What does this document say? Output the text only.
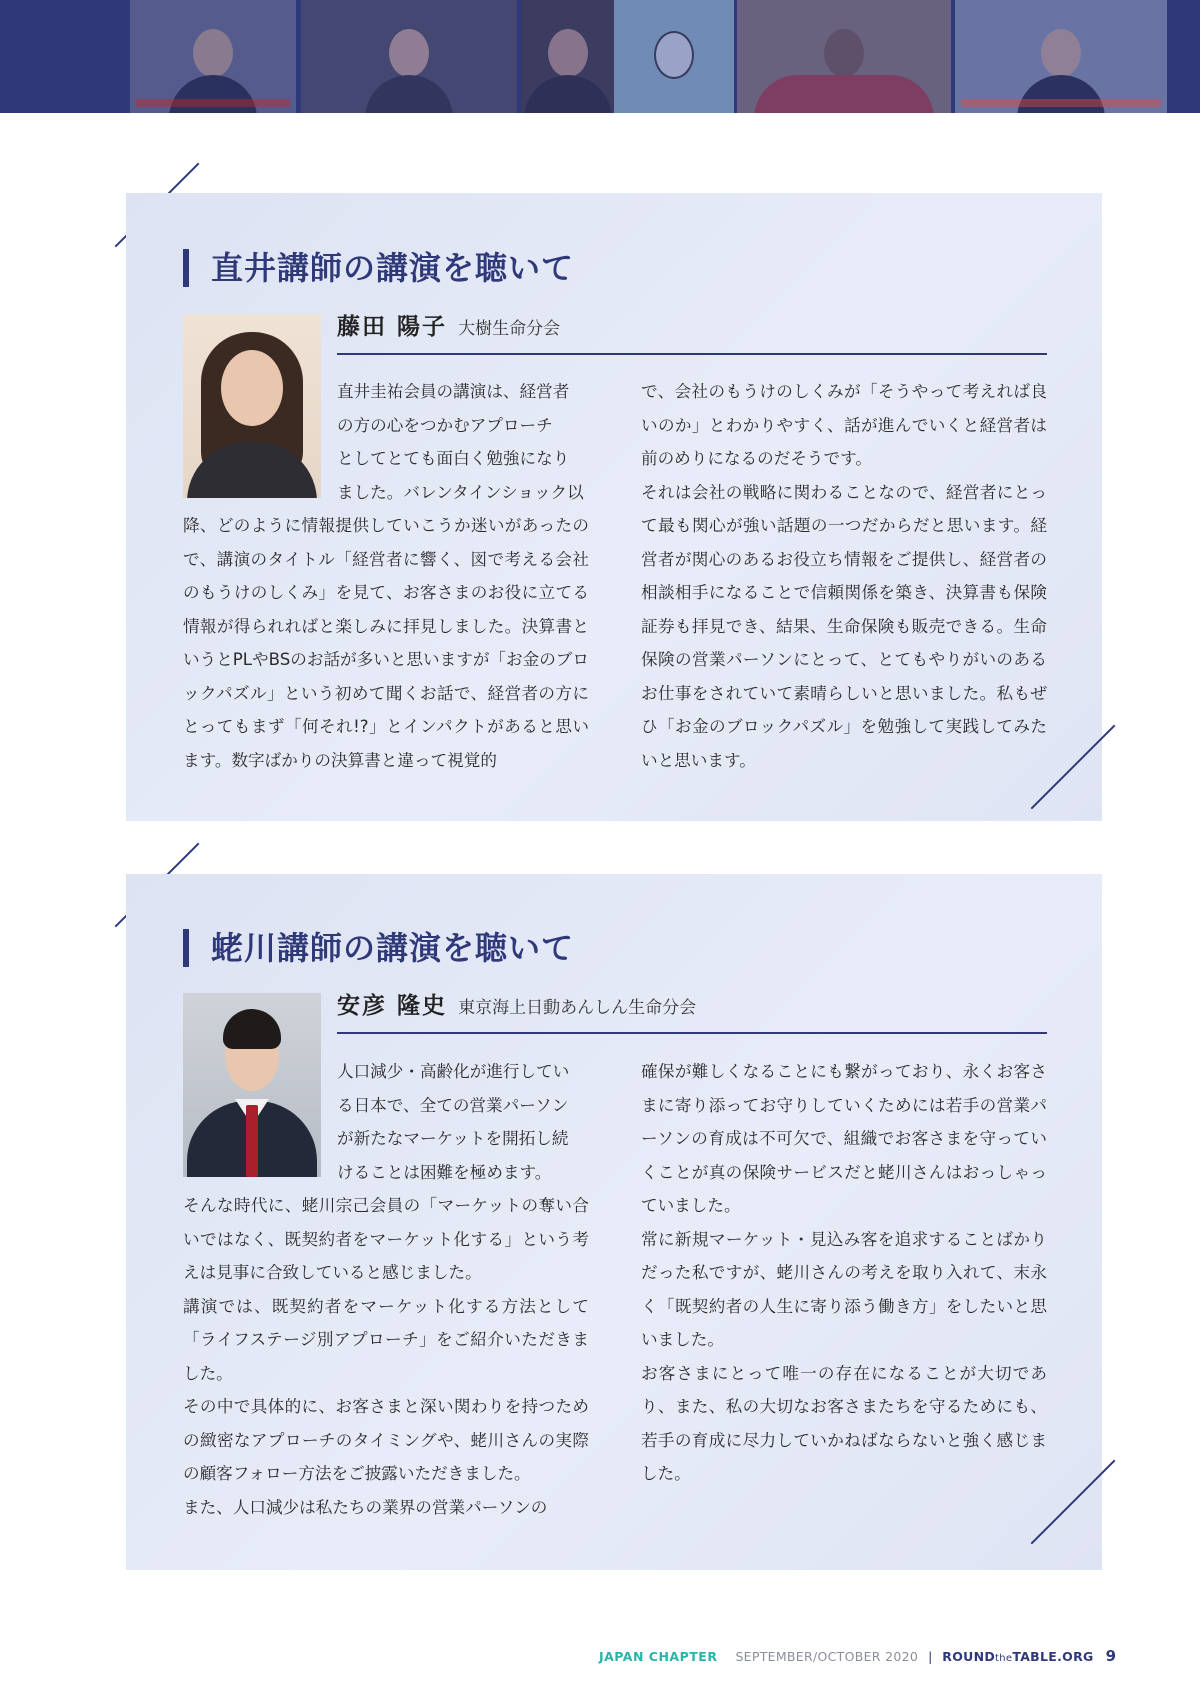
直井講師の講演を聴いて
藤田 陽子 大樹生命分会
直井圭祐会員の講演は、経営者
の方の心をつかむアプローチ
としてとても面白く勉強になり
ました。バレンタインショック以

降、どのように情報提供していこうか迷いがあったので、講演のタイトル「経営者に響く、図で考える会社のもうけのしくみ」を見て、お客さまのお役に立てる情報が得られればと楽しみに拝見しました。決算書というとPLやBSのお話が多いと思いますが「お金のブロックパズル」という初めて聞くお話で、経営者の方にとってもまず「何それ!?」とインパクトがあると思います。数字ばかりの決算書と違って視覚的

で、会社のもうけのしくみが「そうやって考えれば良いのか」とわかりやすく、話が進んでいくと経営者は前のめりになるのだそうです。

それは会社の戦略に関わることなので、経営者にとって最も関心が強い話題の一つだからだと思います。経営者が関心のあるお役立ち情報をご提供し、経営者の相談相手になることで信頼関係を築き、決算書も保険証券も拝見でき、結果、生命保険も販売できる。生命保険の営業パーソンにとって、とてもやりがいのあるお仕事をされていて素晴らしいと思いました。私もぜひ「お金のブロックパズル」を勉強して実践してみたいと思います。

蛯川講師の講演を聴いて
安彦 隆史 東京海上日動あんしん生命分会
人口減少・高齢化が進行してい
る日本で、全ての営業パーソン
が新たなマーケットを開拓し続
けることは困難を極めます。

そんな時代に、蛯川宗己会員の「マーケットの奪い合いではなく、既契約者をマーケット化する」という考えは見事に合致していると感じました。

講演では、既契約者をマーケット化する方法として「ライフステージ別アプローチ」をご紹介いただきました。

その中で具体的に、お客さまと深い関わりを持つための緻密なアプローチのタイミングや、蛯川さんの実際の顧客フォロー方法をご披露いただきました。

また、人口減少は私たちの業界の営業パーソンの

確保が難しくなることにも繋がっており、永くお客さまに寄り添ってお守りしていくためには若手の営業パーソンの育成は不可欠で、組織でお客さまを守っていくことが真の保険サービスだと蛯川さんはおっしゃっていました。

常に新規マーケット・見込み客を追求することばかりだった私ですが、蛯川さんの考えを取り入れて、末永く「既契約者の人生に寄り添う働き方」をしたいと思いました。

お客さまにとって唯一の存在になることが大切であり、また、私の大切なお客さまたちを守るためにも、若手の育成に尽力していかねばならないと強く感じました。

JAPAN CHAPTER SEPTEMBER/OCTOBER 2020 | ROUNDtheTABLE.ORG 9
